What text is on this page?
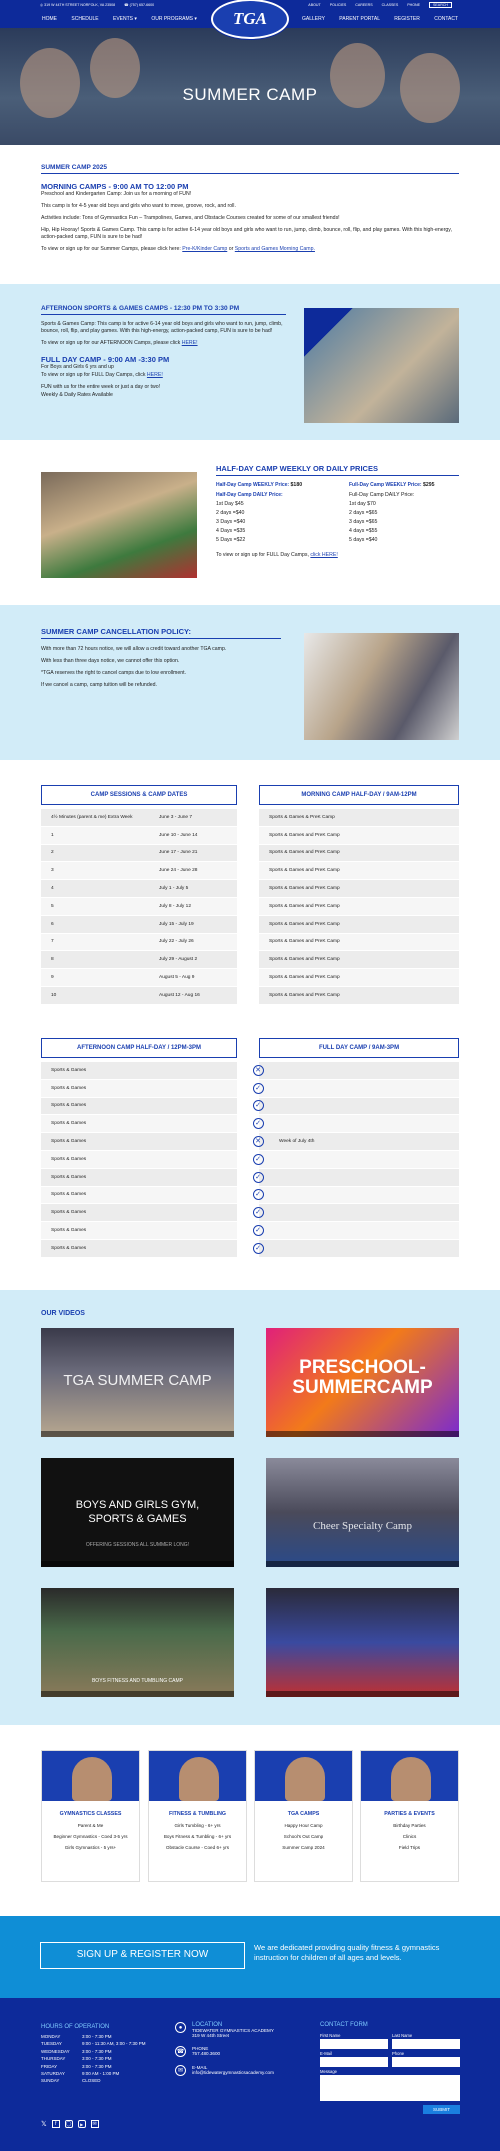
◎ 319 W 44TH STREET NORFOLK, VA 23508	☎ (757) 657-6600	ABOUT	POLICIES	CAREERS	CLASSES	PHONE	SEARCH
HOME	SCHEDULE	EVENTS ▾	OUR PROGRAMS ▾	TGA	GALLERY	PARENT PORTAL	REGISTER	CONTACT
SUMMER CAMP
SUMMER CAMP 2025
MORNING CAMPS - 9:00 AM TO 12:00 PM

Preschool and Kindergarten Camp: Join us for a morning of FUN!

This camp is for 4-5 year old boys and girls who want to move, groove, rock, and roll.

Activities include: Tons of Gymnastics Fun – Trampolines, Games, and Obstacle Courses created for some of our smallest friends!

Hip, Hip Hooray! Sports & Games Camp. This camp is for active 6-14 year old boys and girls who want to run, jump, climb, bounce, roll, flip, and play games. With this high-energy, action-packed camp, FUN is sure to be had!

To view or sign up for our Summer Camps, please click here: Pre-K/Kinder Camp or Sports and Games Morning Camp.

AFTERNOON SPORTS & GAMES CAMPS - 12:30 PM TO 3:30 PM

Sports & Games Camp: This camp is for active 6-14 year old boys and girls who want to run, jump, climb, bounce, roll, flip, and play games. With this high-energy, action-packed camp, FUN is sure to be had!

To view or sign up for our AFTERNOON Camps, please click HERE!

FULL DAY CAMP - 9:00 AM -3:30 PM

For Boys and Girls 6 yrs and up

To view or sign up for FULL Day Camps, click HERE!

FUN with us for the entire week or just a day or two!

Weekly & Daily Rates Available

HALF-DAY CAMP WEEKLY OR DAILY PRICES

Half-Day Camp WEEKLY Price: $180

Half-Day Camp DAILY Price:

1st Day $45

2 days =$40

3 Days =$40

4 Days =$35

5 Days =$22

Full-Day Camp WEEKLY Price: $295

Full-Day Camp DAILY Price:

1st day $70

2 days =$65

3 days =$65

4 days =$55

5 days =$40

To view or sign up for FULL Day Camps, click HERE!

SUMMER CAMP CANCELLATION POLICY:

With more than 72 hours notice, we will allow a credit toward another TGA camp.

With less than three days notice, we cannot offer this option.

*TGA reserves the right to cancel camps due to low enrollment.

If we cancel a camp, camp tuition will be refunded.

CAMP SESSIONS & CAMP DATES	MORNING CAMP HALF-DAY / 9AM-12PM
4½ Minutes (parent & me) Extra Week	June 3 - June 7	Sports & Games & PreK Camp
1	June 10 - June 14	Sports & Games and PreK Camp
2	June 17 - June 21	Sports & Games and PreK Camp
3	June 24 - June 28	Sports & Games and PreK Camp
4	July 1 - July 5	Sports & Games and PreK Camp
5	July 8 - July 12	Sports & Games and PreK Camp
6	July 15 - July 19	Sports & Games and PreK Camp
7	July 22 - July 26	Sports & Games and PreK Camp
8	July 29 - August 2	Sports & Games and PreK Camp
9	August 5 - Aug 9	Sports & Games and PreK Camp
10	August 12 - Aug 16	Sports & Games and PreK Camp
AFTERNOON CAMP HALF-DAY / 12PM-3PM	FULL DAY CAMP / 9AM-3PM
Sports & Games	✕
Sports & Games	✓
Sports & Games	✓
Sports & Games	✓
Sports & Games	✕	Week of July 4th
Sports & Games	✓
Sports & Games	✓
Sports & Games	✓
Sports & Games	✓
Sports & Games	✓
Sports & Games	✓
OUR VIDEOS
TGA SUMMER CAMP
PRESCHOOL- SUMMERCAMP
BOYS AND GIRLS GYM, SPORTS & GAMES
OFFERING SESSIONS ALL SUMMER LONG!
Cheer Specialty Camp
BOYS FITNESS AND TUMBLING CAMP
GYMNASTICS CLASSES
Parent & Me
Beginner Gymnastics - Coed 3-5 yrs
Girls Gymnastics - 5 yrs+
FITNESS & TUMBLING
Girls Tumbling - 6+ yrs
Boys Fitness & Tumbling - 6+ yrs
Obstacle Course - Coed 6+ yrs
TGA CAMPS
Happy Hour Camp
School's Out Camp
Summer Camp 2024
PARTIES & EVENTS
Birthday Parties
Clinics
Field Trips
SIGN UP & REGISTER NOW
We are dedicated providing quality fitness & gymnastics instruction for children of all ages and levels.
HOURS OF OPERATION
MONDAY	3:00 - 7:30 PM
TUESDAY	9:00 - 11:30 AM, 3:00 - 7:30 PM
WEDNESDAY	3:00 - 7:30 PM
THURSDAY	3:00 - 7:30 PM
FRIDAY	3:00 - 7:30 PM
SATURDAY	9:00 AM - 1:00 PM
SUNDAY	CLOSED
●	LOCATION
TIDEWATER GYMNASTICS ACADEMY
319 W 44th Street
☎
PHONE
757.480.3600
✉
E-MAIL
info@tidewatergymnasticsacademy.com
CONTACT FORM
First Name	Last Name
E-Mail	Phone
Message
SUBMIT
𝕏	f	◯	▶	✉
